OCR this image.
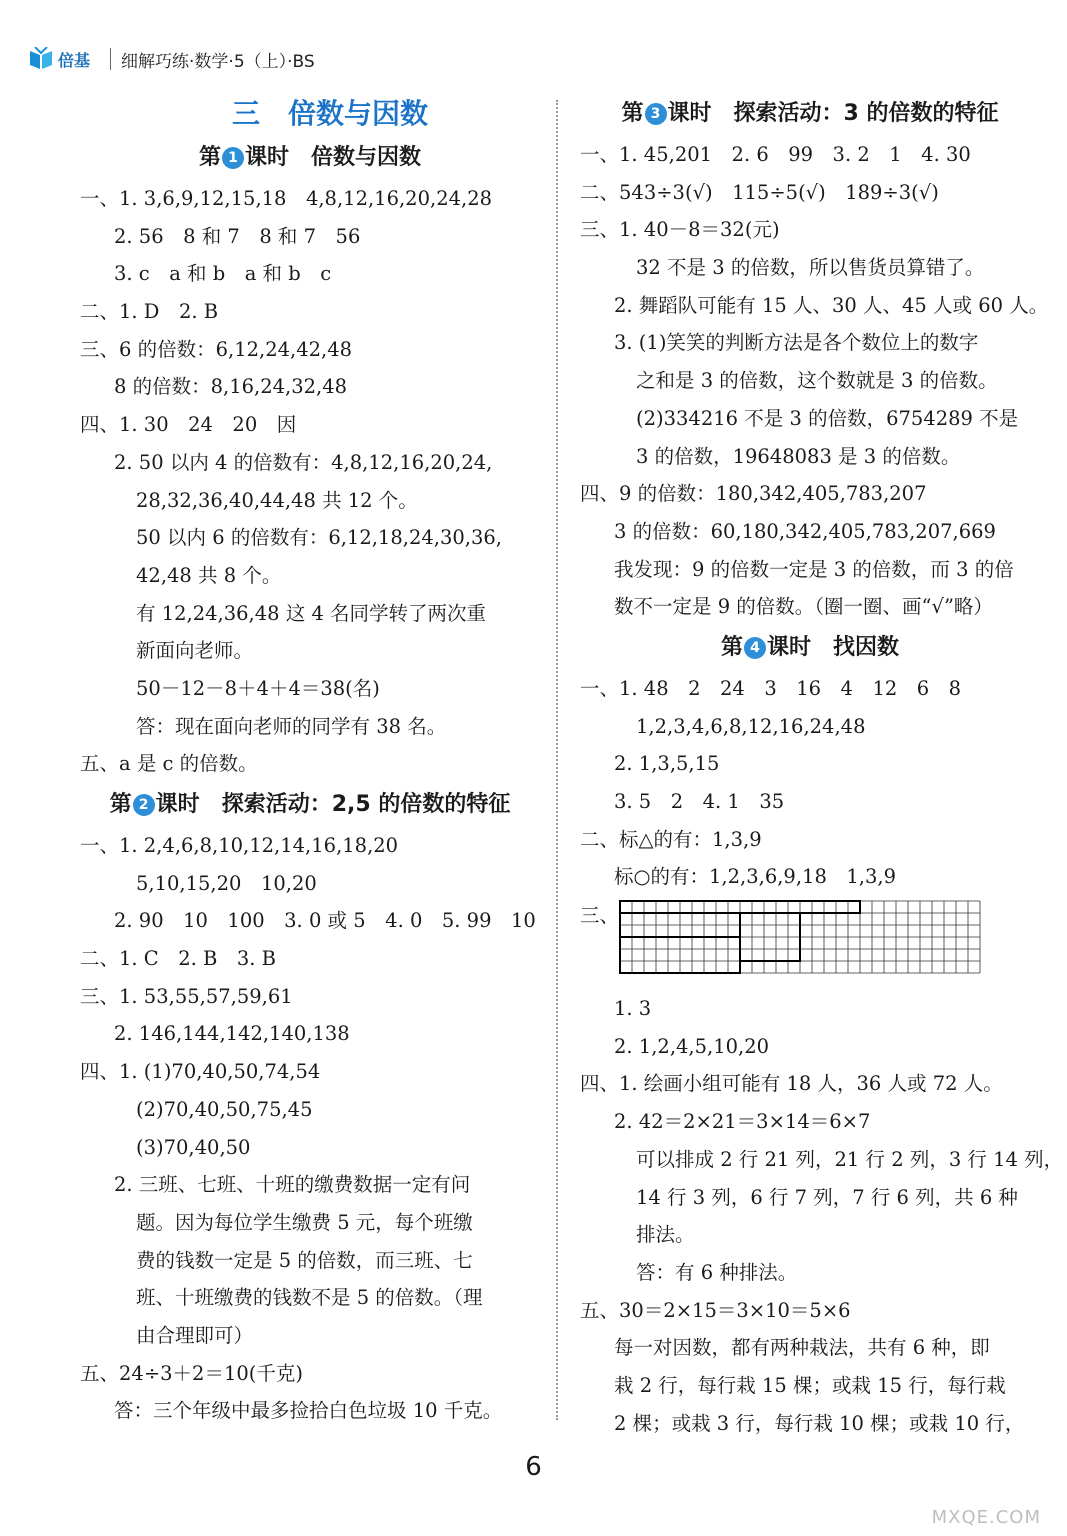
倍基 细解巧练·数学·5（上）·BS
三　倍数与因数
第 1 课时 倍数与因数
一、1. 3,6,9,12,15,18　4,8,12,16,20,24,28
2. 56　8 和 7　8 和 7　56
3. c　a 和 b　a 和 b　c
二、1. D　2. B
三、6 的倍数：6,12,24,42,48
8 的倍数：8,16,24,32,48
四、1. 30　24　20　因
2. 50 以内 4 的倍数有：4,8,12,16,20,24,
28,32,36,40,44,48 共 12 个。
50 以内 6 的倍数有：6,12,18,24,30,36,
42,48 共 8 个。
有 12,24,36,48 这 4 名同学转了两次重
新面向老师。
50－12－8＋4＋4＝38(名)
答：现在面向老师的同学有 38 名。
五、a 是 c 的倍数。
第 2 课时 探索活动：2,5 的倍数的特征
一、1. 2,4,6,8,10,12,14,16,18,20
5,10,15,20　10,20
2. 90　10　100　3. 0 或 5　4. 0　5. 99　10
二、1. C　2. B　3. B
三、1. 53,55,57,59,61
2. 146,144,142,140,138
四、1. (1)70,40,50,74,54
(2)70,40,50,75,45
(3)70,40,50
2. 三班、七班、十班的缴费数据一定有问
题。因为每位学生缴费 5 元，每个班缴
费的钱数一定是 5 的倍数，而三班、七
班、十班缴费的钱数不是 5 的倍数。（理
由合理即可）
五、24÷3＋2＝10(千克)
答：三个年级中最多捡拾白色垃圾 10 千克。
第 3 课时 探索活动：3 的倍数的特征
一、1. 45,201　2. 6　99　3. 2　1　4. 30
二、543÷3(√)　115÷5(√)　189÷3(√)
三、1. 40－8＝32(元)
32 不是 3 的倍数，所以售货员算错了。
2. 舞蹈队可能有 15 人、30 人、45 人或 60 人。
3. (1)笑笑的判断方法是各个数位上的数字
之和是 3 的倍数，这个数就是 3 的倍数。
(2)334216 不是 3 的倍数，6754289 不是
3 的倍数，19648083 是 3 的倍数。
四、9 的倍数：180,342,405,783,207
3 的倍数：60,180,342,405,783,207,669
我发现：9 的倍数一定是 3 的倍数，而 3 的倍
数不一定是 9 的倍数。（圈一圈、画“√”略）
第 4 课时 找因数
一、1. 48　2　24　3　16　4　12　6　8
1,2,3,4,6,8,12,16,24,48
2. 1,3,5,15
3. 5　2　4. 1　35
二、标△的有：1,3,9
标○的有：1,2,3,6,9,18　1,3,9
三、
1. 3
2. 1,2,4,5,10,20
四、1. 绘画小组可能有 18 人，36 人或 72 人。
2. 42＝2×21＝3×14＝6×7
可以排成 2 行 21 列，21 行 2 列，3 行 14 列，
14 行 3 列，6 行 7 列，7 行 6 列，共 6 种
排法。
答：有 6 种排法。
五、30＝2×15＝3×10＝5×6
每一对因数，都有两种栽法，共有 6 种，即
栽 2 行，每行栽 15 棵；或栽 15 行，每行栽
2 棵；或栽 3 行，每行栽 10 棵；或栽 10 行，
6
MXQE.COM
